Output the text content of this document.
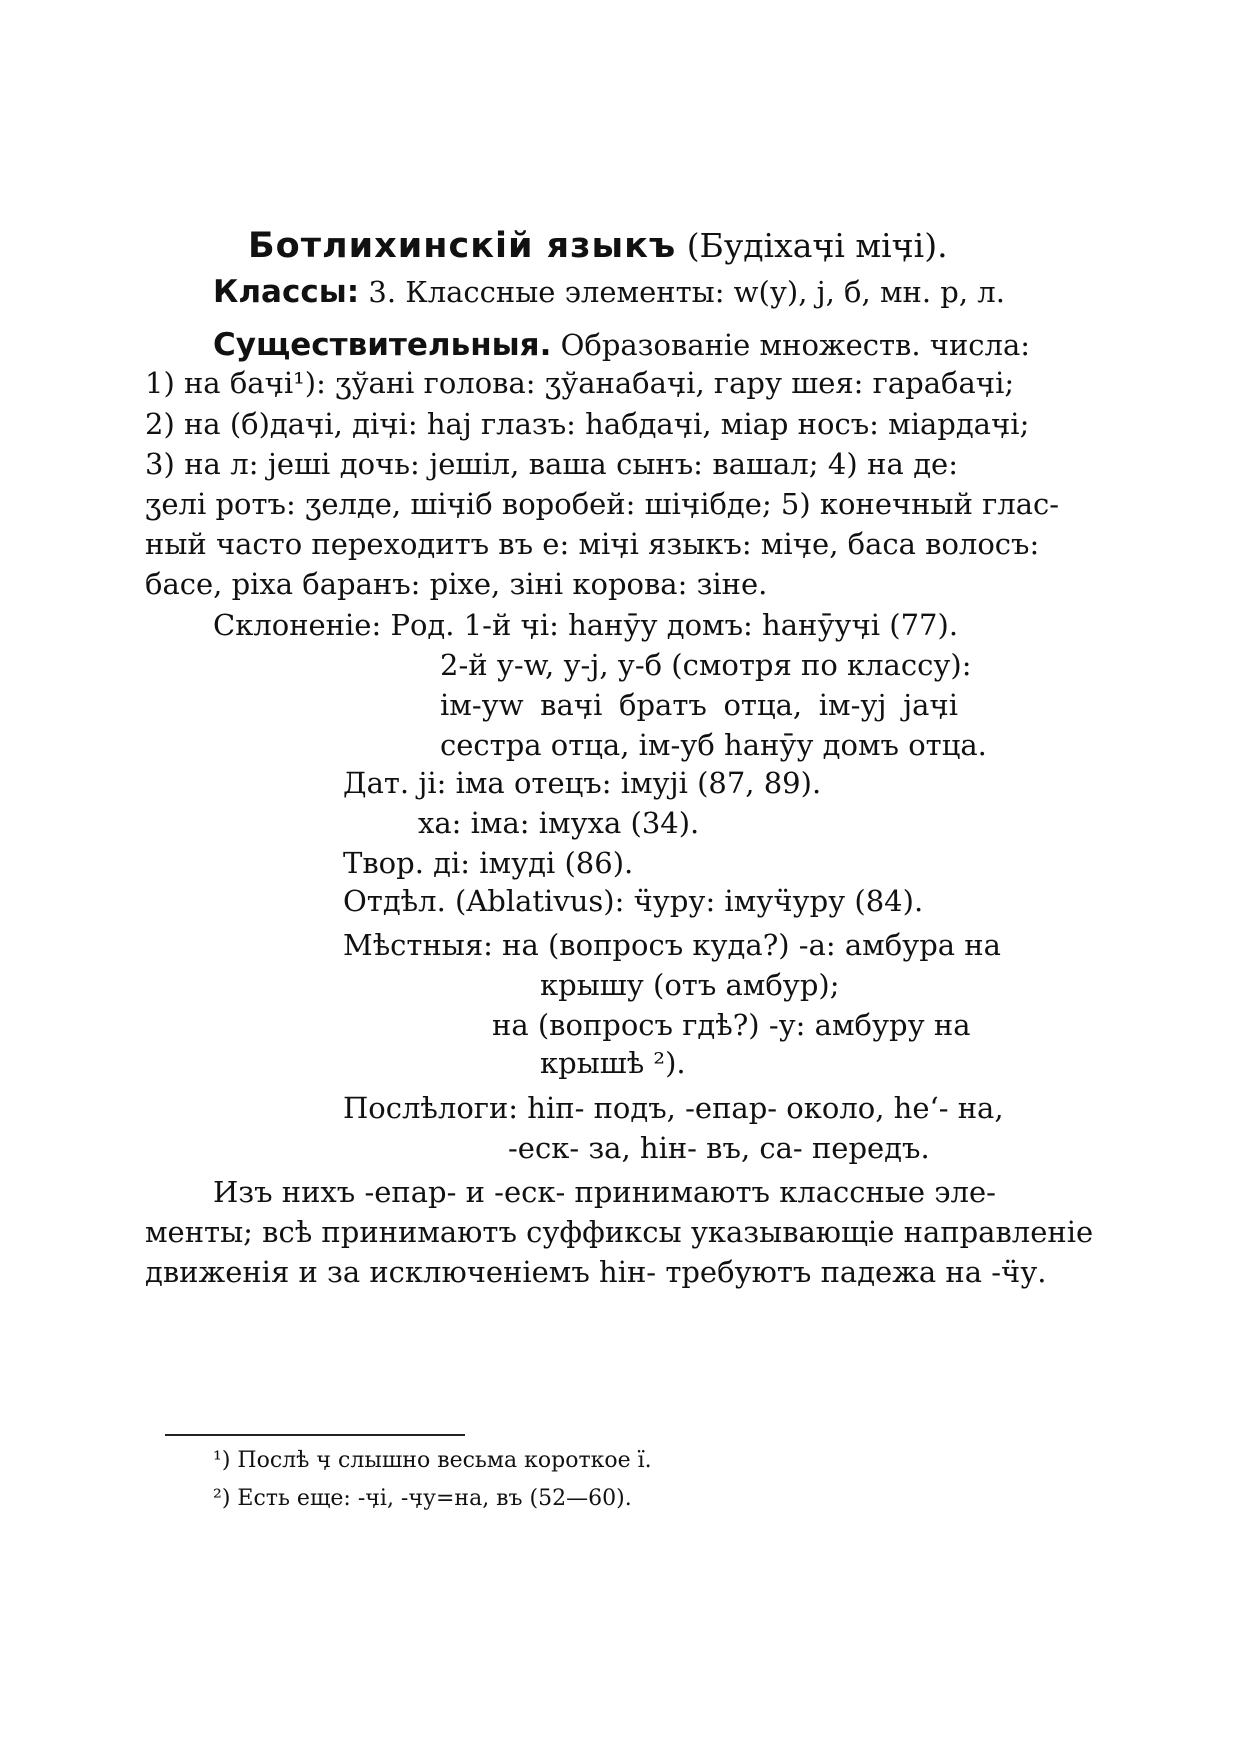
Ботлихинскій языкъ (Будіхаӌі міӌі).
Классы: 3. Классные элементы: w(у), j, б, мн. р, л.
Существительныя. Образованіе множеств. числа:
1) на баӌі¹): ӡўані голова: ӡўанабаӌі, гару шея: гарабаӌі;
2) на (б)даӌі, діӌі: һаj глазъ: һабдаӌі, міар носъ: міардаӌі;
3) на л: jеші дочь: jешіл, ваша сынъ: вашал; 4) на де:
ӡелі ротъ: ӡелде, шіӌіб воробей: шіӌібде; 5) конечный глас-
ный часто переходитъ въ е: міӌі языкъ: міӌе, баса волосъ:
басе, ріха баранъ: ріхе, зіні корова: зіне.
Склоненіе: Род. 1-й ӌі: һанӯу домъ: һанӯуӌі (77).
2-й у-w, у-j, у-б (смотря по классу):
ім-уw ваӌі братъ отца, ім-уj jаӌі
сестра отца, ім-уб һанӯу домъ отца.
Дат. jі: іма отецъ: імуjі (87, 89).
ха: іма: імуха (34).
Твор. ді: імуді (86).
Отдѣл. (Ablativus): ӵуру: імуӵуру (84).
Мѣстныя: на (вопросъ куда?) -а: амбура на
крышу (отъ амбур);
на (вопросъ гдѣ?) -у: амбуру на
крышѣ ²).
Послѣлоги: һіп- подъ, -епар- около, һеʻ- на,
-еск- за, һін- въ, са- передъ.
Изъ нихъ -епар- и -еск- принимаютъ классные эле-
менты; всѣ принимаютъ суффиксы указывающіе направленіе
движенія и за исключеніемъ һін- требуютъ падежа на -ӵу.
¹) Послѣ ӌ слышно весьма короткое ї.
²) Есть еще: -ӌі, -ӌу=на, въ (52—60).
